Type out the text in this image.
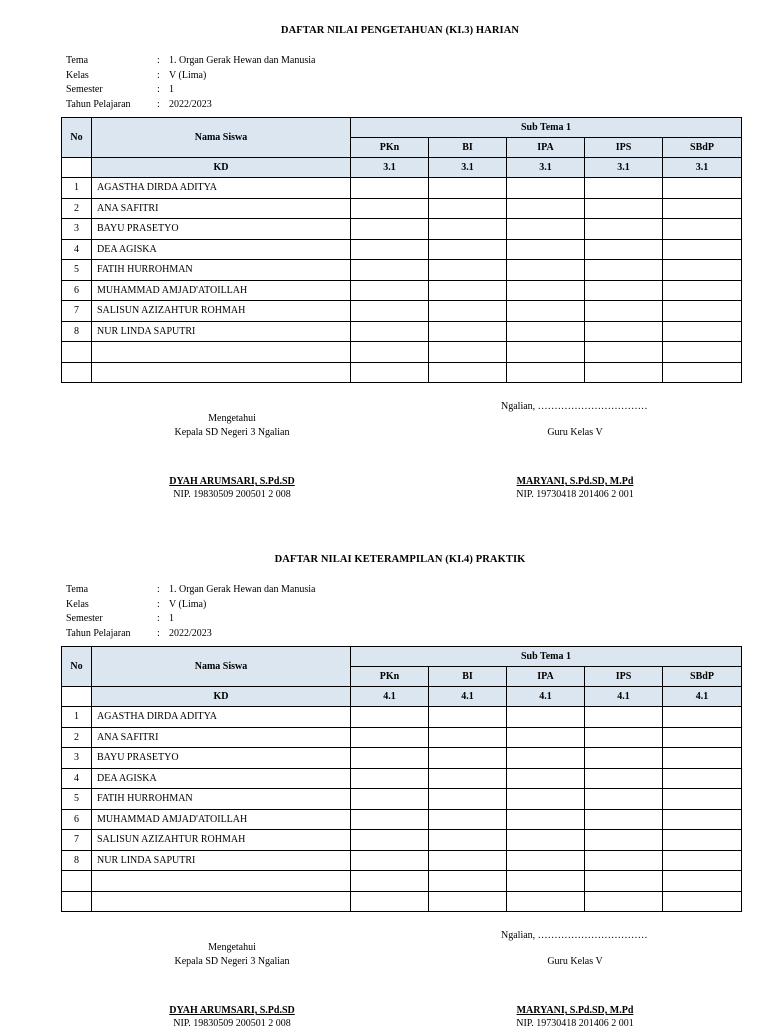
DAFTAR NILAI PENGETAHUAN (KI.3) HARIAN
Tema	: 1. Organ Gerak Hewan dan Manusia
Kelas	: V (Lima)
Semester	: 1
Tahun Pelajaran	: 2022/2023
No	Nama Siswa	Sub Tema 1				
		PKn	BI	IPA	IPS	SBdP
	KD	3.1	3.1	3.1	3.1	3.1
1	AGASTHA DIRDA ADITYA					
2	ANA SAFITRI					
3	BAYU PRASETYO					
4	DEA AGISKA					
5	FATIH HURROHMAN					
6	MUHAMMAD AMJAD'ATOILLAH					
7	SALISUN AZIZAHTUR ROHMAH					
8	NUR LINDA SAPUTRI					

Ngalian, ……………………………
Mengetahui
Kepala SD Negeri 3 Ngalian	Guru Kelas V
DYAH ARUMSARI, S.Pd.SD
NIP. 19830509 200501 2 008
MARYANI, S.Pd.SD, M.Pd
NIP. 19730418 201406 2 001
DAFTAR NILAI KETERAMPILAN (KI.4) PRAKTIK
Tema	: 1. Organ Gerak Hewan dan Manusia
Kelas	: V (Lima)
Semester	: 1
Tahun Pelajaran	: 2022/2023
No	Nama Siswa	Sub Tema 1				
		PKn	BI	IPA	IPS	SBdP
	KD	4.1	4.1	4.1	4.1	4.1
1	AGASTHA DIRDA ADITYA					
2	ANA SAFITRI					
3	BAYU PRASETYO					
4	DEA AGISKA					
5	FATIH HURROHMAN					
6	MUHAMMAD AMJAD'ATOILLAH					
7	SALISUN AZIZAHTUR ROHMAH					
8	NUR LINDA SAPUTRI					

Ngalian, ……………………………
Mengetahui
Kepala SD Negeri 3 Ngalian	Guru Kelas V
DYAH ARUMSARI, S.Pd.SD
NIP. 19830509 200501 2 008
MARYANI, S.Pd.SD, M.Pd
NIP. 19730418 201406 2 001
